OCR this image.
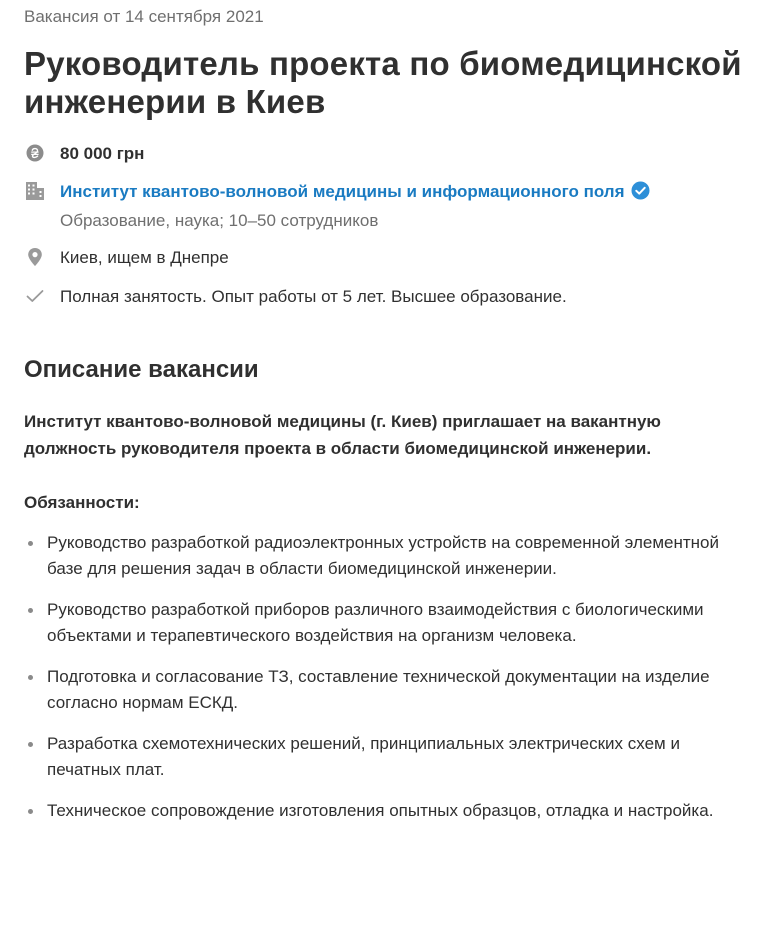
Вакансия от 14 сентября 2021

Руководитель проекта по биомедицинской инженерии в Киев
80 000 грн
Институт квантово-волновой медицины и информационного поля
Образование, наука; 10–50 сотрудников
Киев, ищем в Днепре
Полная занятость. Опыт работы от 5 лет. Высшее образование.
Описание вакансии

Институт квантово-волновой медицины (г. Киев) приглашает на вакантную должность руководителя проекта в области биомедицинской инженерии.

Обязанности:

Руководство разработкой радиоэлектронных устройств на современной элементной базе для решения задач в области биомедицинской инженерии.
Руководство разработкой приборов различного взаимодействия с биологическими объектами и терапевтического воздействия на организм человека.
Подготовка и согласование ТЗ, составление технической документации на изделие согласно нормам ЕСКД.
Разработка схемотехнических решений, принципиальных электрических схем и печатных плат.
Техническое сопровождение изготовления опытных образцов, отладка и настройка.
